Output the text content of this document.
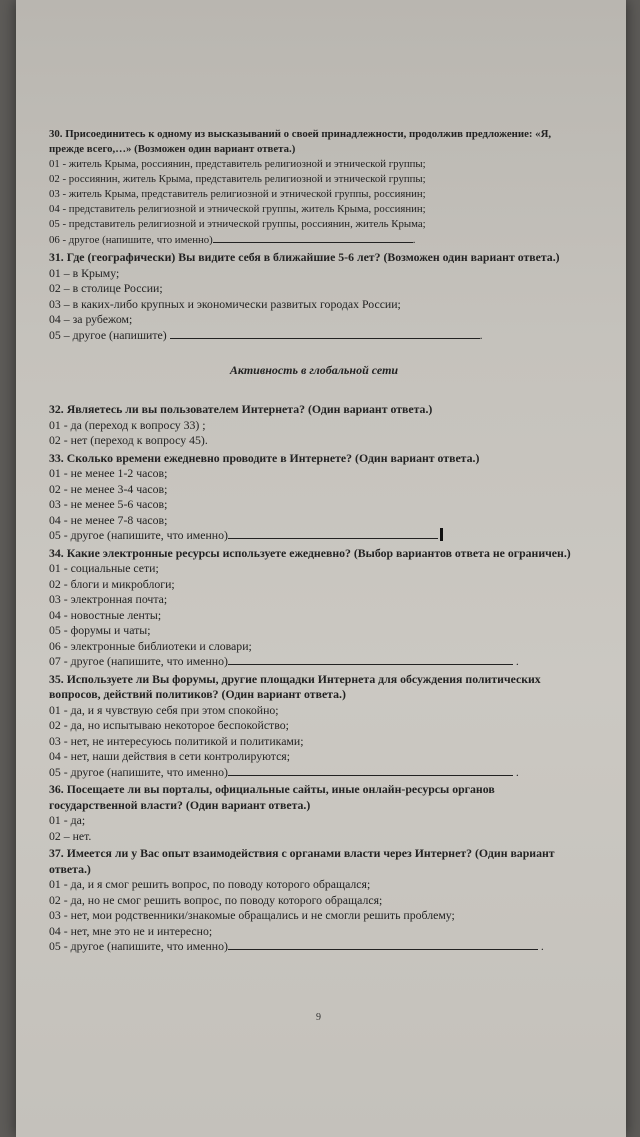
30. Присоединитесь к одному из высказываний о своей принадлежности, продолжив предложение: «Я, прежде всего,…» (Возможен один вариант ответа.)
01 - житель Крыма, россиянин, представитель религиозной и этнической группы;
02 - россиянин, житель Крыма, представитель религиозной и этнической группы;
03 - житель Крыма, представитель религиозной и этнической группы, россиянин;
04 - представитель религиозной и этнической группы, житель Крыма, россиянин;
05 - представитель религиозной и этнической группы, россиянин, житель Крыма;
06 - другое (напишите, что именно)	.
31. Где (географически) Вы видите себя в ближайшие 5-6 лет? (Возможен один вариант ответа.)
01 – в Крыму;
02 – в столице России;
03 – в каких-либо крупных и экономически развитых городах России;
04 – за рубежом;
05 – другое (напишите)	.
Активность в глобальной сети
32. Являетесь ли вы пользователем Интернета? (Один вариант ответа.)
01 - да (переход к вопросу 33) ;
02 - нет (переход к вопросу 45).
33. Сколько времени ежедневно проводите в Интернете? (Один вариант ответа.)
01 - не менее 1-2 часов;
02 - не менее 3-4 часов;
03 - не менее 5-6 часов;
04 - не менее 7-8 часов;
05 - другое (напишите, что именно)
34. Какие электронные ресурсы используете ежедневно? (Выбор вариантов ответа не ограничен.)
01 - социальные сети;
02 - блоги и микроблоги;
03 - электронная почта;
04 - новостные ленты;
05 - форумы и чаты;
06 - электронные библиотеки и словари;
07 - другое (напишите, что именно)	.
35. Используете ли Вы форумы, другие площадки Интернета для обсуждения политических вопросов, действий политиков? (Один вариант ответа.)
01 - да, и я чувствую себя при этом спокойно;
02 - да, но испытываю некоторое беспокойство;
03 - нет, не интересуюсь политикой и политиками;
04 - нет, наши действия в сети контролируются;
05 - другое (напишите, что именно)	.
36. Посещаете ли вы порталы, официальные сайты, иные онлайн-ресурсы органов государственной власти? (Один вариант ответа.)
01 - да;
02 – нет.
37. Имеется ли у Вас опыт взаимодействия с органами власти через Интернет? (Один вариант ответа.)
01 - да, и я смог решить вопрос, по поводу которого обращался;
02 - да, но не смог решить вопрос, по поводу которого обращался;
03 - нет, мои родственники/знакомые обращались и не смогли решить проблему;
04 - нет, мне это не и интересно;
05 - другое (напишите, что именно)	.
9
